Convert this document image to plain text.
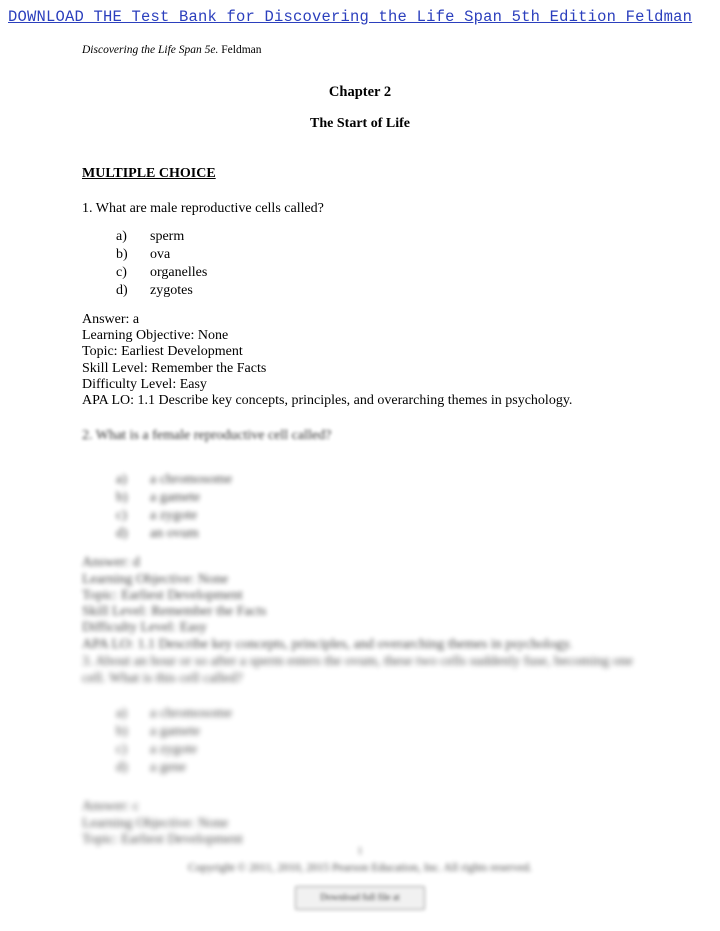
DOWNLOAD THE Test Bank for Discovering the Life Span 5th Edition Feldman
Discovering the Life Span 5e. Feldman
Chapter 2
The Start of Life
MULTIPLE CHOICE
1. What are male reproductive cells called?
a)	sperm
b)	ova
c)	organelles
d)	zygotes
Answer: a
Learning Objective: None
Topic: Earliest Development
Skill Level: Remember the Facts
Difficulty Level: Easy
APA LO: 1.1 Describe key concepts, principles, and overarching themes in psychology.
2. What is a female reproductive cell called?
a)	a chromosome
b)	a gamete
c)	a zygote
d)	an ovum
Answer: d
Learning Objective: None
Topic: Earliest Development
Skill Level: Remember the Facts
Difficulty Level: Easy
APA LO: 1.1 Describe key concepts, principles, and overarching themes in psychology.
3. About an hour or so after a sperm enters the ovum, these two cells suddenly fuse, becoming one cell. What is this cell called?
a)	a chromosome
b)	a gamete
c)	a zygote
d)	a gene
Answer: c
Learning Objective: None
Topic: Earliest Development
1
Copyright © 2011, 2010, 2015 Pearson Education, Inc. All rights reserved.
Download full file at
